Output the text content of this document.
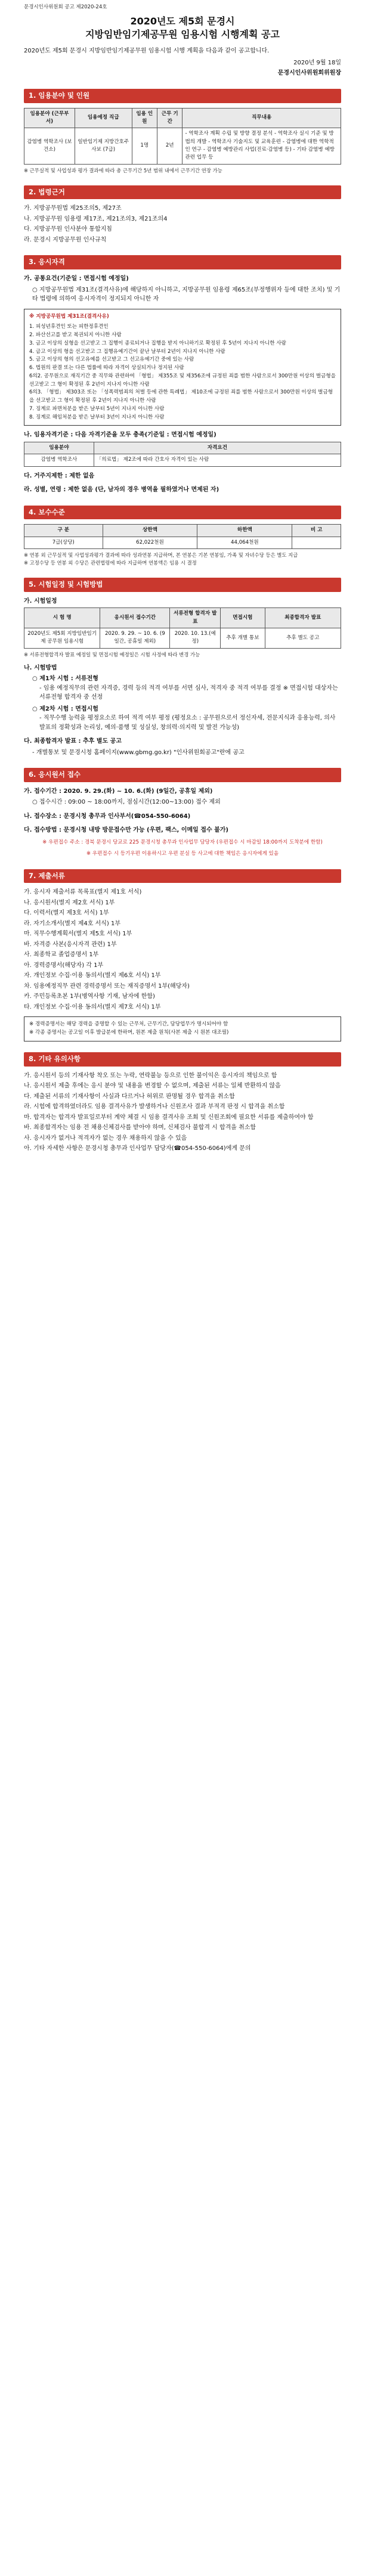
문경시인사위원회 공고 제2020-24호
2020년도 제5회 문경시
지방임반임기제공무원 임용시험 시행계획 공고
2020년도 제5회 문경시 지방임반임기제공무원 임용시험 시행 계획을 다음과 같이 공고합니다.
2020년 9월 18일
문경시인사위원회위원장
1. 임용분야 및 인원
임용분야 (근무부서)	임용예정 직급	임용 인원	근무 기간	직무내용
감염병 역학조사 (보건소)	일반임기제 지방간호주사보 (7급)	1명	2년	- 역학조사 계획 수립 및 방향 결정 분석 - 역학조사 실시 기준 및 방법의 개발 - 역학조사 기술지도 및 교육훈련 - 감염병에 대한 역학적인 연구 - 감염병 예방관리 사업(진료·감염병 등) - 기타 감염병 예방 관련 업무 등
※ 근무실적 및 사업성과 평가 결과에 따라 총 근무기간 5년 범위 내에서 근무기간 연장 가능
2. 법령근거
가. 지방공무원법 제25조의5, 제27조
나. 지방공무원 임용령 제17조, 제21조의3, 제21조의4
다. 지방공무원 인사분야 통합지침
라. 문경시 지방공무원 인사규칙
3. 응시자격
가. 공통요건(기준일 : 면접시험 예정일)
○ 지방공무원법 제31조(결격사유)에 해당하지 아니하고, 지방공무원 임용령 제65조(부정행위자 등에 대한 조치) 및 기타 법령에 의하여 응시자격이 정지되지 아니한 자
※ 지방공무원법 제31조(결격사유)
1. 피성년후견인 또는 피한정후견인
2. 파산선고를 받고 복권되지 아니한 사람
3. 금고 이상의 실형을 선고받고 그 집행이 종료되거나 집행을 받지 아니하기로 확정된 후 5년이 지나지 아니한 사람
4. 금고 이상의 형을 선고받고 그 집행유예기간이 끝난 날부터 2년이 지나지 아니한 사람
5. 금고 이상의 형의 선고유예를 선고받고 그 선고유예기간 중에 있는 사람
6. 법원의 판결 또는 다른 법률에 따라 자격이 상실되거나 정지된 사람
6의2. 공무원으로 재직기간 중 직무와 관련하여 「형법」 제355조 및 제356조에 규정된 죄를 범한 사람으로서 300만원 이상의 벌금형을 선고받고 그 형이 확정된 후 2년이 지나지 아니한 사람
6의3. 「형법」 제303조 또는 「성폭력범죄의 처벌 등에 관한 특례법」 제10조에 규정된 죄를 범한 사람으로서 300만원 이상의 벌금형을 선고받고 그 형이 확정된 후 2년이 지나지 아니한 사람
7. 징계로 파면처분을 받은 날부터 5년이 지나지 아니한 사람
8. 징계로 해임처분을 받은 날부터 3년이 지나지 아니한 사람
나. 임용자격기준 : 다음 자격기준을 모두 충족(기준일 : 면접시험 예정일)
임용분야	자격요건
감염병 역학조사	「의료법」 제2조에 따라 간호사 자격이 있는 사람
다. 거주지제한 : 제한 없음
라. 성별, 연령 : 제한 없음 (단, 남자의 경우 병역을 필하였거나 면제된 자)
4. 보수수준
구 분	상한액	하한액	비 고
7급(상당)	62,022천원	44,064천원	
※ 연봉 외 근무실적 및 사업성과평가 결과에 따라 성과연봉 지급하며, 본 연봉은 기본 연봉임, 가족 및 자녀수당 등은 별도 지급
※ 고정수당 등 연봉 외 수당은 관련법령에 따라 지급하며 연봉액은 임용 시 결정
5. 시험일정 및 시험방법
가. 시험일정
시 험 명	응시원서 접수기간	서류전형 합격자 발표	면접시험	최종합격자 발표
2020년도 제5회 지방임반임기제 공무원 임용시험	2020. 9. 29. ~ 10. 6. (9일간, 공휴일 제외)	2020. 10. 13.(예정)	추후 개별 통보	추후 별도 공고
※ 서류전형합격자 발표 예정일 및 면접시험 예정일은 시험 사정에 따라 변경 가능
나. 시험방법
○ 제1차 시험 : 서류전형
- 임용 예정직무의 관련 자격증, 경력 등의 적격 여부를 서면 심사, 적격자 중 적격 여부를 결정 ※ 면접시험 대상자는 서류전형 합격자 중 선정
○ 제2차 시험 : 면접시험
- 직무수행 능력을 평정요소로 하여 적격 여부 평정 (평정요소 : 공무원으로서 정신자세, 전문지식과 응용능력, 의사발표의 정확성과 논리성, 예의·품행 및 성실성, 창의력·의지력 및 발전 가능성)
다. 최종합격자 발표 : 추후 별도 공고
- 개별통보 및 문경시청 홈페이지(www.gbmg.go.kr) "인사위원회공고"란에 공고
6. 응시원서 접수
가. 접수기간 : 2020. 9. 29.(화) ~ 10. 6.(화) (9일간, 공휴일 제외)
○ 접수시간 : 09:00 ~ 18:00까지, 점심시간(12:00~13:00) 접수 제외
나. 접수장소 : 문경시청 총무과 인사부서(☎054-550-6064)
다. 접수방법 : 문경시청 내방 방문접수만 가능 (우편, 팩스, 이메일 접수 불가)
※ 우편접수 주소 : 경북 문경시 당교로 225 문경시청 총무과 인사업무 담당자 (우편접수 시 마감일 18:00까지 도착분에 한함)
※ 우편접수 시 등기우편 이용하시고 우편 분실 등 사고에 대한 책임은 응시자에게 있음
7. 제출서류
가. 응시자 제출서류 목록표(별지 제1호 서식)
나. 응시원서(별지 제2호 서식) 1부
다. 이력서(별지 제3호 서식) 1부
라. 자기소개서(별지 제4호 서식) 1부
마. 직무수행계획서(별지 제5호 서식) 1부
바. 자격증 사본(응시자격 관련) 1부
사. 최종학교 졸업증명서 1부
아. 경력증명서(해당자) 각 1부
자. 개인정보 수집·이용 동의서(별지 제6호 서식) 1부
차. 임용예정직무 관련 경력증명서 또는 재직증명서 1부(해당자)
카. 주민등록초본 1부(병역사항 기재, 남자에 한함)
타. 개인정보 수집·이용 동의서(별지 제7호 서식) 1부
※ 경력증명서는 해당 경력을 증명할 수 있는 근무처, 근무기간, 담당업무가 명시되어야 함
※ 각종 증명서는 공고일 이후 발급분에 한하며, 원본 제출 원칙(사본 제출 시 원본 대조필)
8. 기타 유의사항
가. 응시원서 등의 기재사항 착오 또는 누락, 연락불능 등으로 인한 불이익은 응시자의 책임으로 함
나. 응시원서 제출 후에는 응시 분야 및 내용을 변경할 수 없으며, 제출된 서류는 일체 반환하지 않음
다. 제출된 서류의 기재사항이 사실과 다르거나 허위로 판명될 경우 합격을 취소함
라. 시험에 합격하였더라도 임용 결격사유가 발생하거나 신원조사 결과 부적격 판정 시 합격을 취소함
마. 합격자는 합격자 발표일로부터 계약 체결 시 임용 결격사유 조회 및 신원조회에 필요한 서류를 제출하여야 함
바. 최종합격자는 임용 전 채용신체검사를 받아야 하며, 신체검사 불합격 시 합격을 취소함
사. 응시자가 없거나 적격자가 없는 경우 채용하지 않을 수 있음
아. 기타 자세한 사항은 문경시청 총무과 인사업무 담당자(☎054-550-6064)에게 문의
